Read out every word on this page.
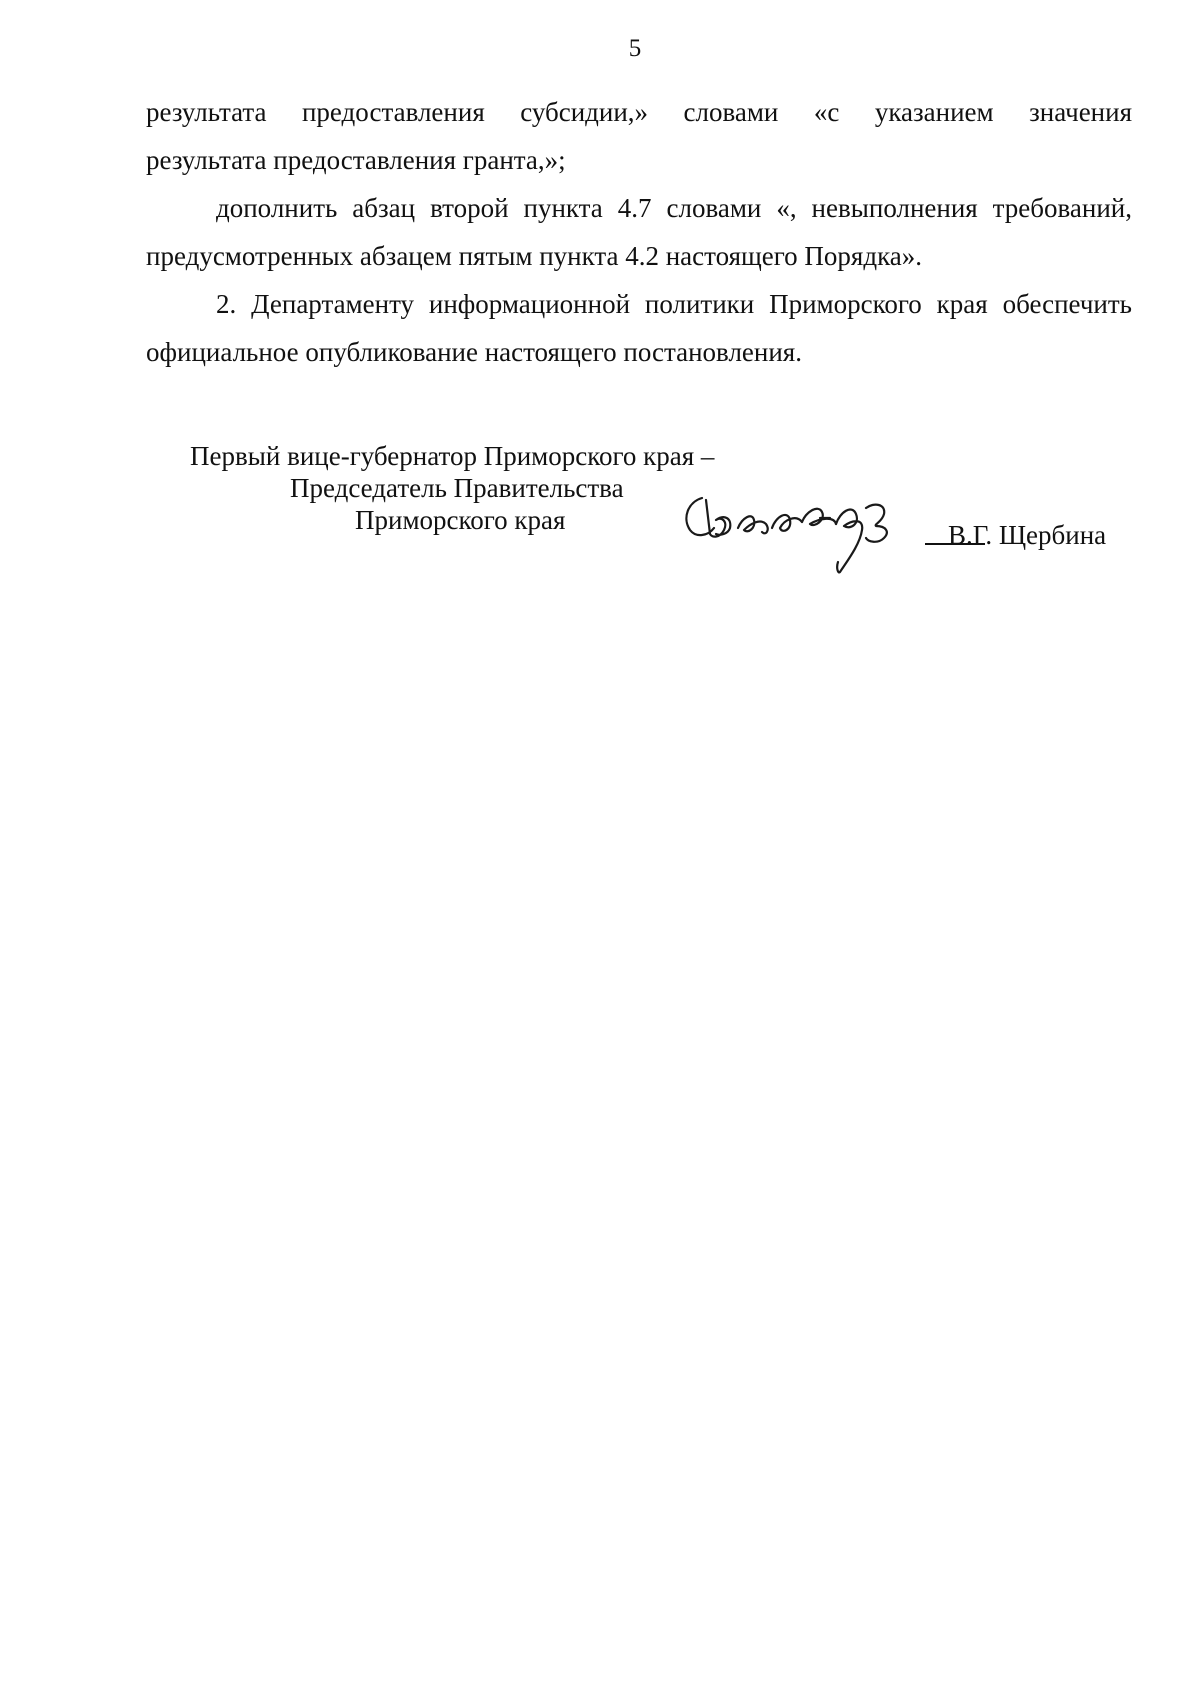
5
результата предоставления субсидии,» словами «с указанием значения
результата предоставления гранта,»;
дополнить абзац второй пункта 4.7 словами «, невыполнения требований,
предусмотренных абзацем пятым пункта 4.2 настоящего Порядка».
2. Департаменту информационной политики Приморского края обеспечить
официальное опубликование настоящего постановления.
Первый вице-губернатор Приморского края –
Председатель Правительства
Приморского края	В.Г. Щербина
